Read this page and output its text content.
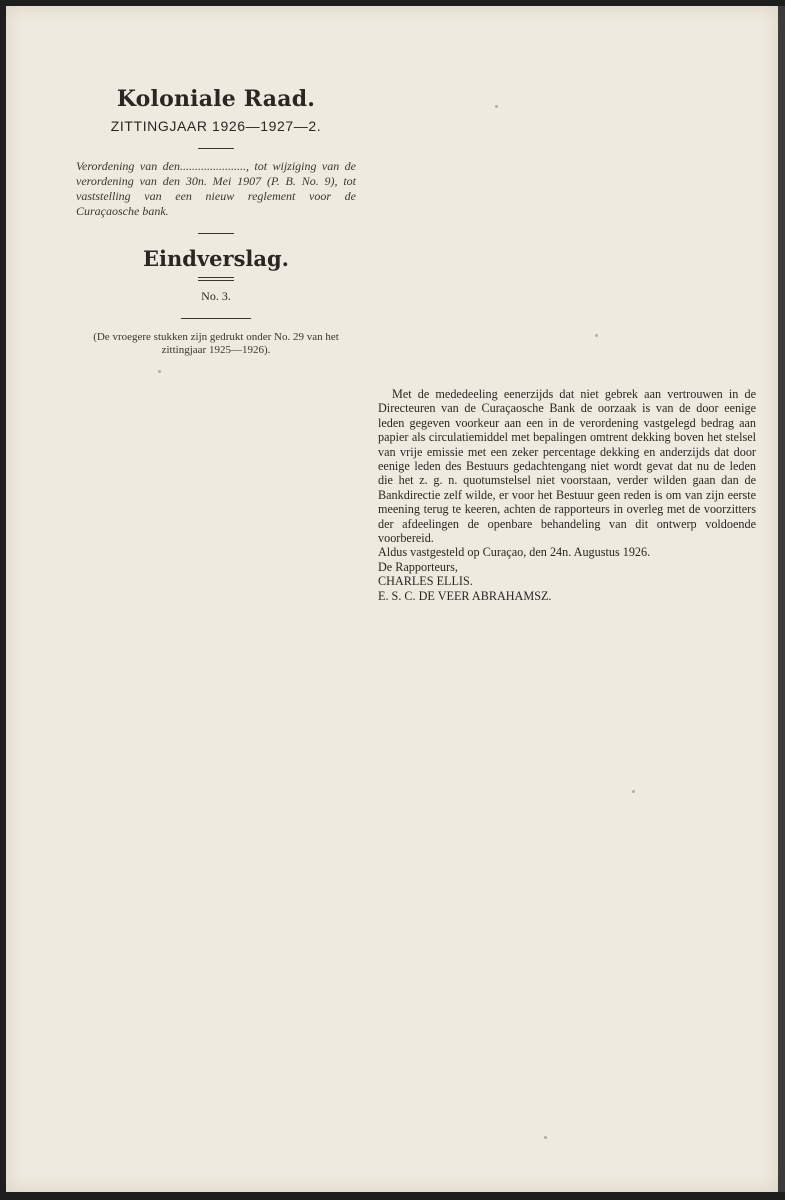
Koloniale Raad.

ZITTINGJAAR 1926—1927—2.

Verordening van den......................, tot wijziging van de verordening van den 30n. Mei 1907 (P. B. No. 9), tot vaststelling van een nieuw reglement voor de Curaçaosche bank.

Eindverslag.

No. 3.

(De vroegere stukken zijn gedrukt onder No. 29 van het zittingjaar 1925—1926).

Met de mededeeling eenerzijds dat niet gebrek aan vertrouwen in de Directeuren van de Curaçaosche Bank de oorzaak is van de door eenige leden gegeven voorkeur aan een in de verordening vastgelegd bedrag aan papier als circulatiemiddel met bepalingen omtrent dekking boven het stelsel van vrije emissie met een zeker percentage dekking en anderzijds dat door eenige leden des Bestuurs gedachtengang niet wordt gevat dat nu de leden die het z. g. n. quotumstelsel niet voorstaan, verder wilden gaan dan de Bankdirectie zelf wilde, er voor het Bestuur geen reden is om van zijn eerste meening terug te keeren, achten de rapporteurs in overleg met de voorzitters der afdeelingen de openbare behandeling van dit ontwerp voldoende voorbereid.

Aldus vastgesteld op Curaçao, den 24n. Augustus 1926.

De Rapporteurs,

CHARLES ELLIS.

E. S. C. DE VEER ABRAHAMSZ.
